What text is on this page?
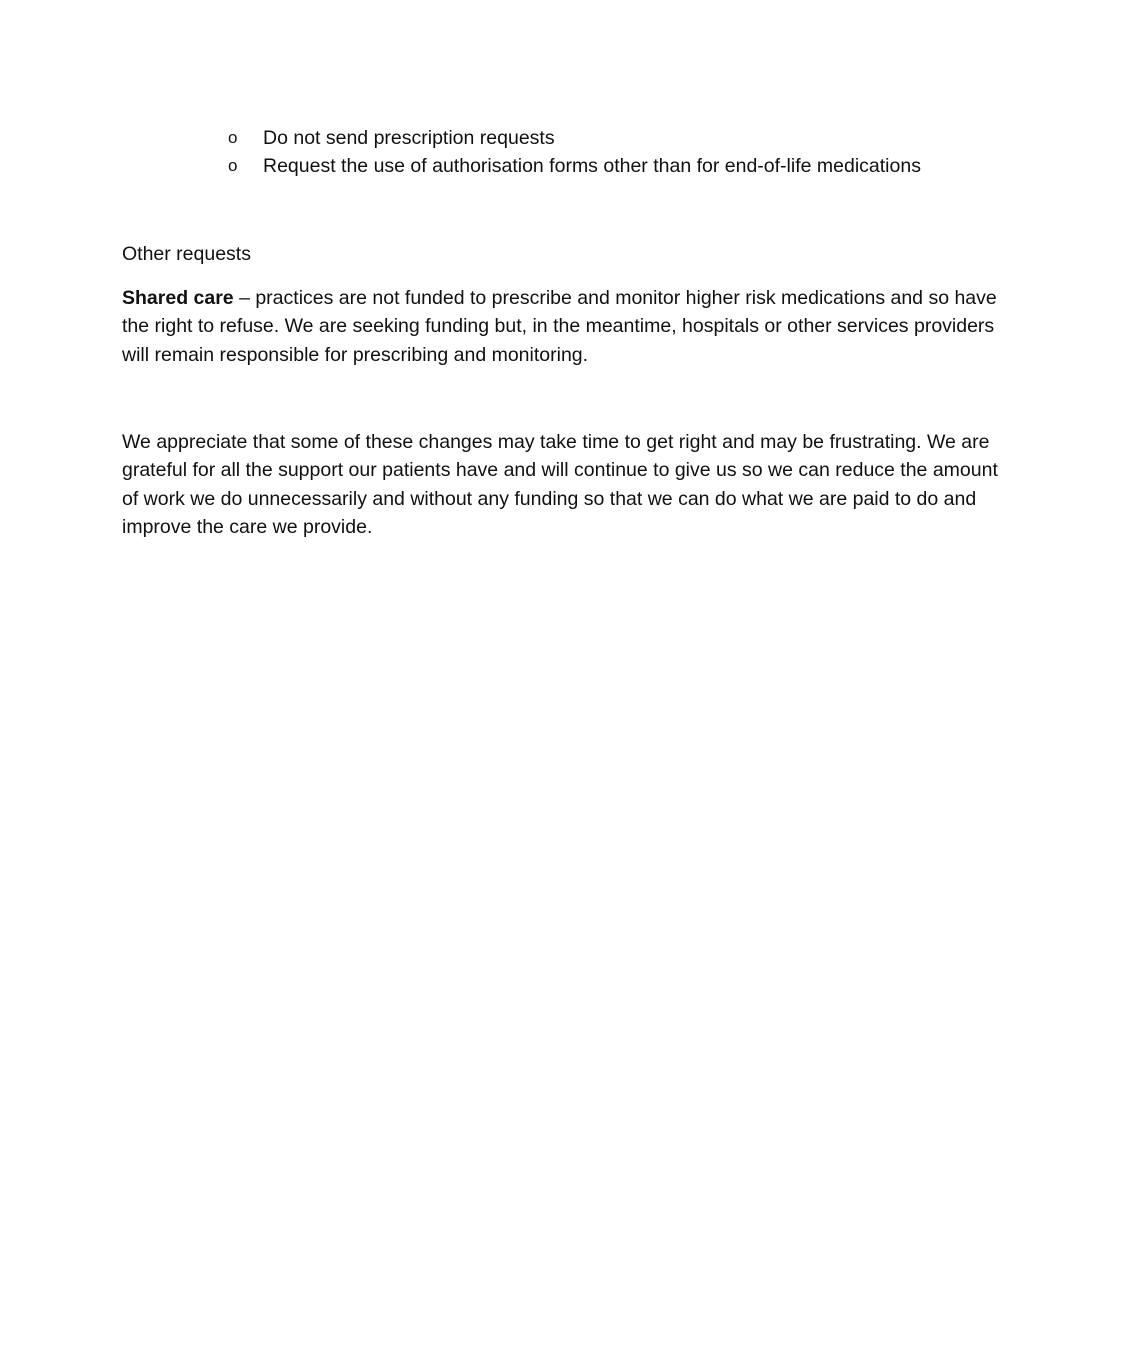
o Do not send prescription requests
o Request the use of authorisation forms other than for end-of-life medications
Other requests

Shared care – practices are not funded to prescribe and monitor higher risk medications and so have the right to refuse. We are seeking funding but, in the meantime, hospitals or other services providers will remain responsible for prescribing and monitoring.

We appreciate that some of these changes may take time to get right and may be frustrating. We are grateful for all the support our patients have and will continue to give us so we can reduce the amount of work we do unnecessarily and without any funding so that we can do what we are paid to do and improve the care we provide.
